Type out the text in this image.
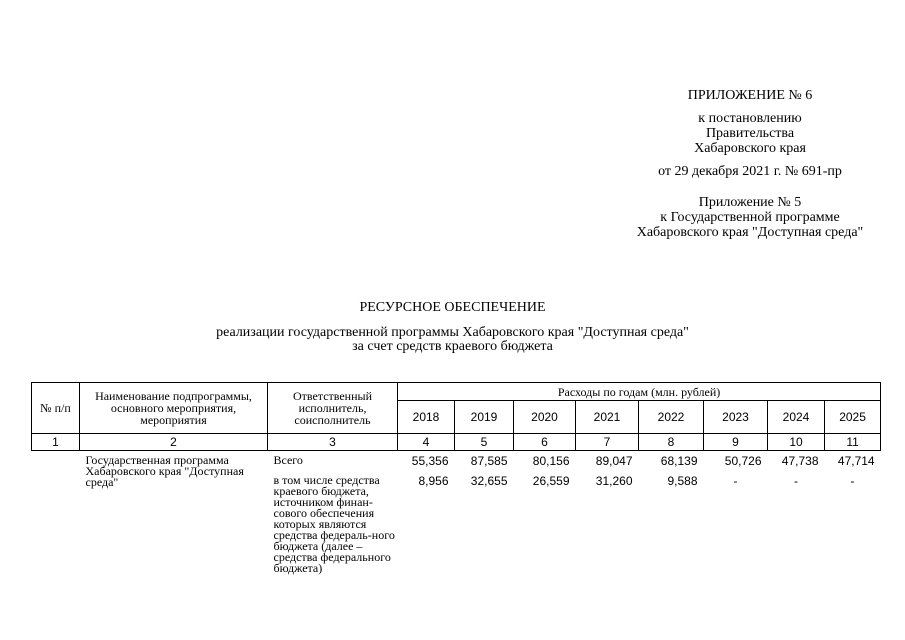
ПРИЛОЖЕНИЕ № 6
к постановлению
Правительства
Хабаровского края
от 29 декабря 2021 г. № 691-пр
Приложение № 5
к Государственной программе
Хабаровского края "Доступная среда"
РЕСУРСНОЕ ОБЕСПЕЧЕНИЕ
реализации государственной программы Хабаровского края "Доступная среда"
за счет средств краевого бюджета
№ п/п	Наименование подпрограммы, основного мероприятия, мероприятия	Ответственный исполнитель, соисполнитель	Расходы по годам (млн. рублей)							
			2018	2019	2020	2021	2022	2023	2024	2025
1	2	3	4	5	6	7	8	9	10	11

	Государственная программа Хабаровского края "Доступная среда"	Всего	55,356	87,585	80,156	89,047	68,139	50,726	47,738	47,714
		в том числе средства краевого бюджета, источником финан-сового обеспечения которых являются средства федераль-ного бюджета (далее – средства федерального бюджета)	8,956	32,655	26,559	31,260	9,588	-	-	-
